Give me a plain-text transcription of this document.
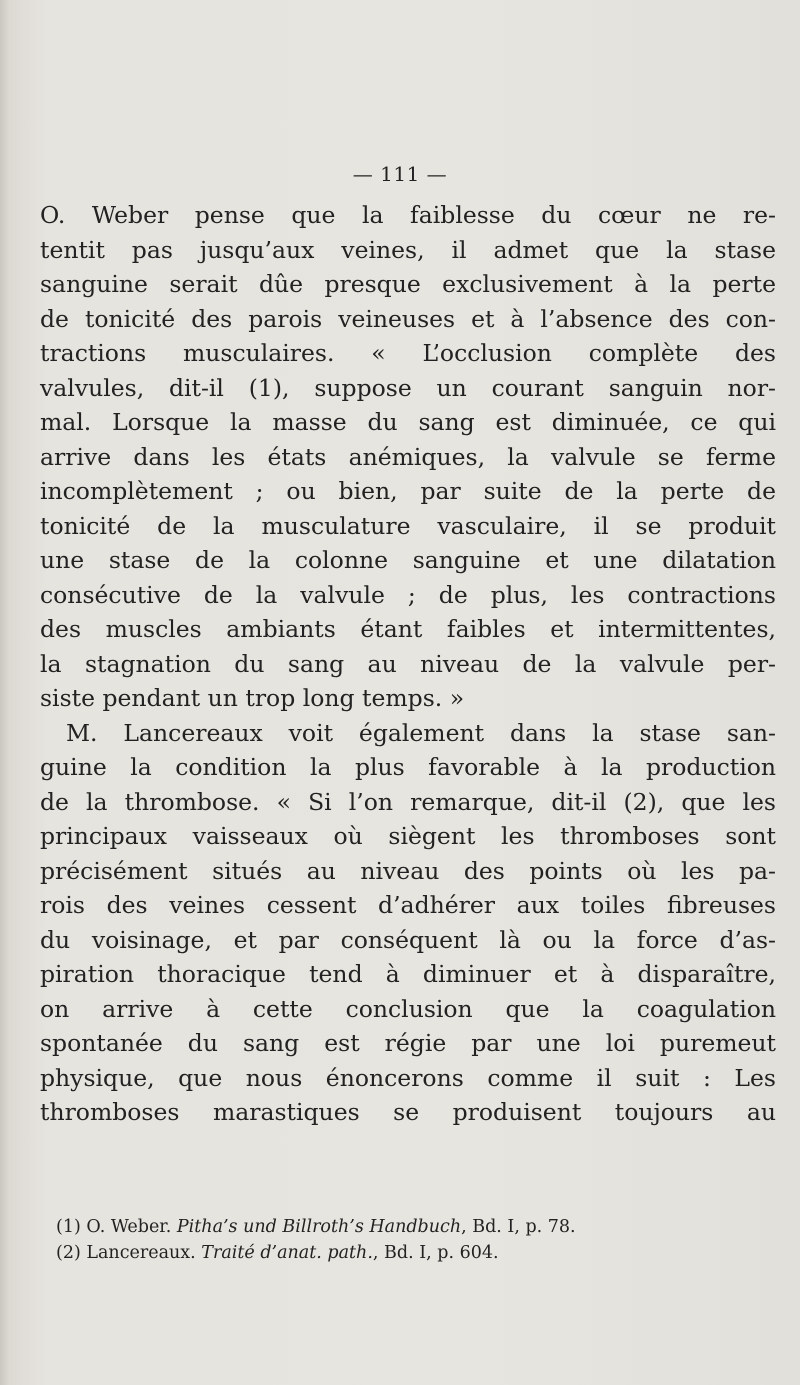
— 111 —
O. Weber pense que la faiblesse du cœur ne re-
tentit pas jusqu’aux veines, il admet que la stase
sanguine serait dûe presque exclusivement à la perte
de tonicité des parois veineuses et à l’absence des con-
tractions musculaires. « L’occlusion complète des
valvules, dit-il (1), suppose un courant sanguin nor-
mal. Lorsque la masse du sang est diminuée, ce qui
arrive dans les états anémiques, la valvule se ferme
incomplètement ; ou bien, par suite de la perte de
tonicité de la musculature vasculaire, il se produit
une stase de la colonne sanguine et une dilatation
consécutive de la valvule ; de plus, les contractions
des muscles ambiants étant faibles et intermittentes,
la stagnation du sang au niveau de la valvule per-
siste pendant un trop long temps. »
M. Lancereaux voit également dans la stase san-
guine la condition la plus favorable à la production
de la thrombose. « Si l’on remarque, dit-il (2), que les
principaux vaisseaux où siègent les thromboses sont
précisément situés au niveau des points où les pa-
rois des veines cessent d’adhérer aux toiles fibreuses
du voisinage, et par conséquent là ou la force d’as-
piration thoracique tend à diminuer et à disparaître,
on arrive à cette conclusion que la coagulation
spontanée du sang est régie par une loi puremeut
physique, que nous énoncerons comme il suit : Les
thromboses marastiques se produisent toujours au
(1) O. Weber. Pitha’s und Billroth’s Handbuch, Bd. I, p. 78.
(2) Lancereaux. Traité d’anat. path., Bd. I, p. 604.
